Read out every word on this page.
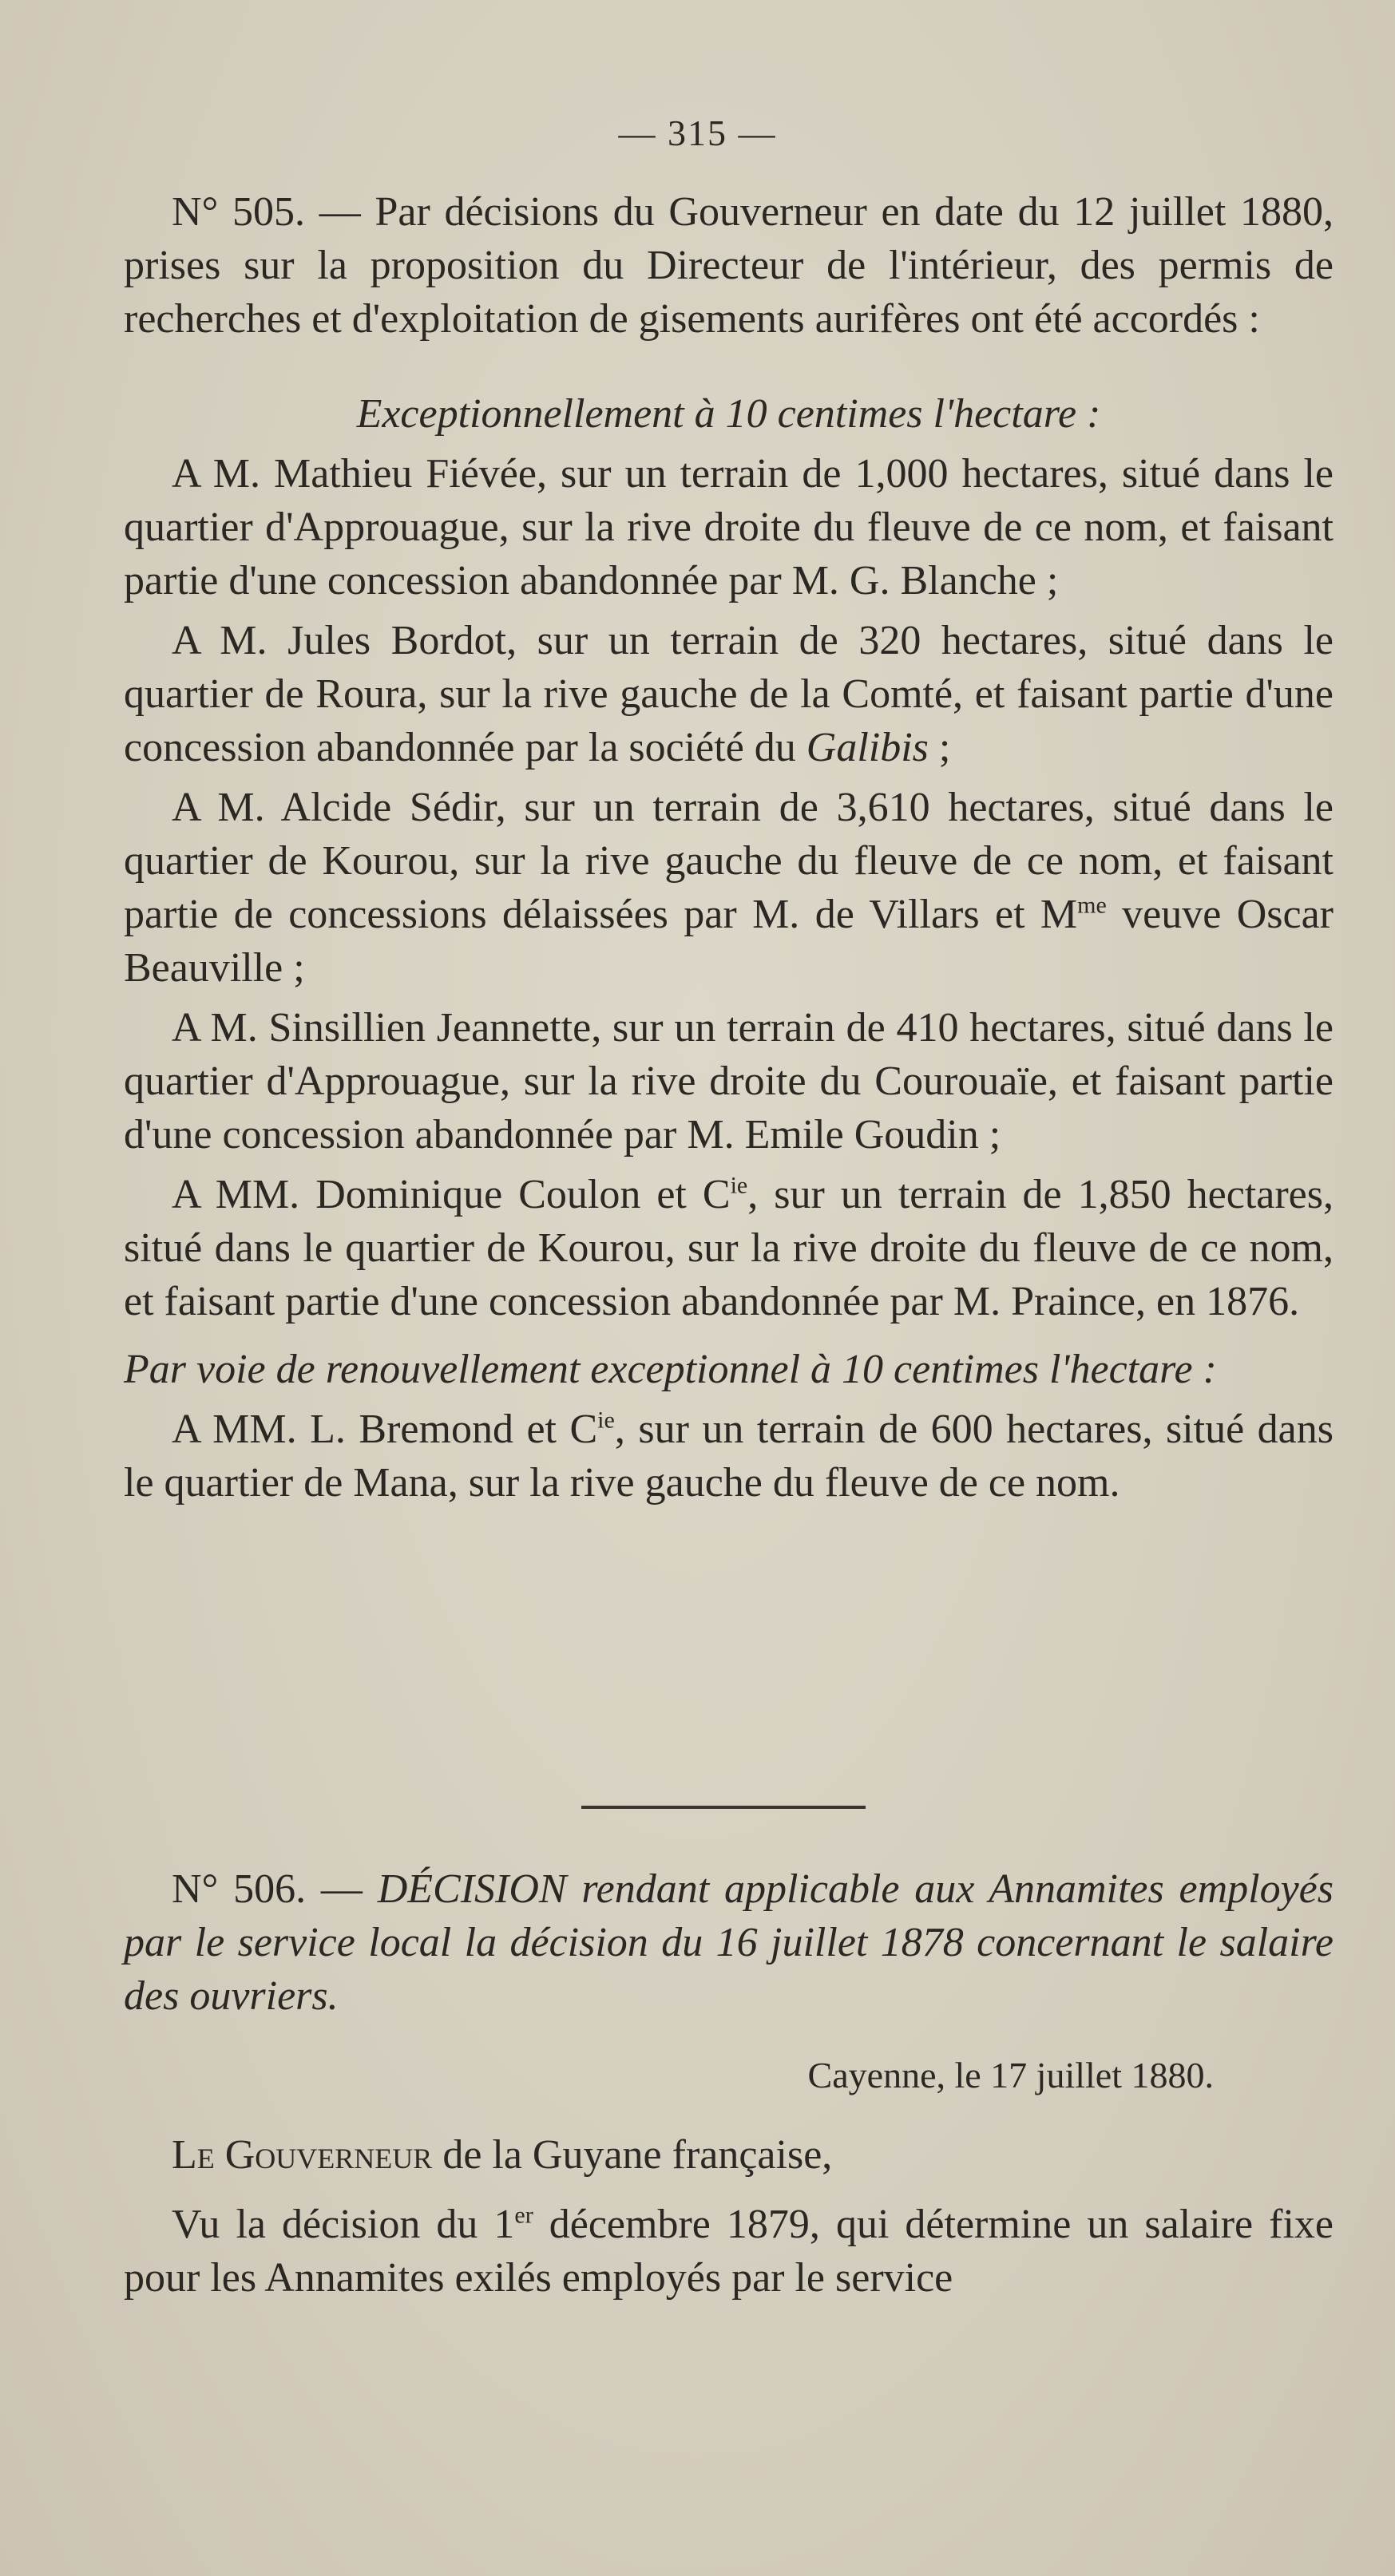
— 315 —

N° 505. — Par décisions du Gouverneur en date du 12 juillet 1880, prises sur la proposition du Directeur de l'intérieur, des permis de recherches et d'exploitation de gisements aurifères ont été accordés :

Exceptionnellement à 10 centimes l'hectare :

A M. Mathieu Fiévée, sur un terrain de 1,000 hectares, situé dans le quartier d'Approuague, sur la rive droite du fleuve de ce nom, et faisant partie d'une concession abandonnée par M. G. Blanche ;

A M. Jules Bordot, sur un terrain de 320 hectares, situé dans le quartier de Roura, sur la rive gauche de la Comté, et faisant partie d'une concession abandonnée par la société du Galibis ;

A M. Alcide Sédir, sur un terrain de 3,610 hectares, situé dans le quartier de Kourou, sur la rive gauche du fleuve de ce nom, et faisant partie de concessions délaissées par M. de Villars et $M^{me}$ veuve Oscar Beauville ;

A M. Sinsillien Jeannette, sur un terrain de 410 hectares, situé dans le quartier d'Approuague, sur la rive droite du Courouaïe, et faisant partie d'une concession abandonnée par M. Emile Goudin ;

A MM. Dominique Coulon et $C^{ie}$, sur un terrain de 1,850 hectares, situé dans le quartier de Kourou, sur la rive droite du fleuve de ce nom, et faisant partie d'une concession abandonnée par M. Praince, en 1876.

Par voie de renouvellement exceptionnel à 10 centimes l'hectare :

A MM. L. Bremond et $C^{ie}$, sur un terrain de 600 hectares, situé dans le quartier de Mana, sur la rive gauche du fleuve de ce nom.

N° 506. — DÉCISION rendant applicable aux Annamites employés par le service local la décision du 16 juillet 1878 concernant le salaire des ouvriers.

Cayenne, le 17 juillet 1880.

Le Gouverneur de la Guyane française,

Vu la décision du 1er décembre 1879, qui détermine un salaire fixe pour les Annamites exilés employés par le service
